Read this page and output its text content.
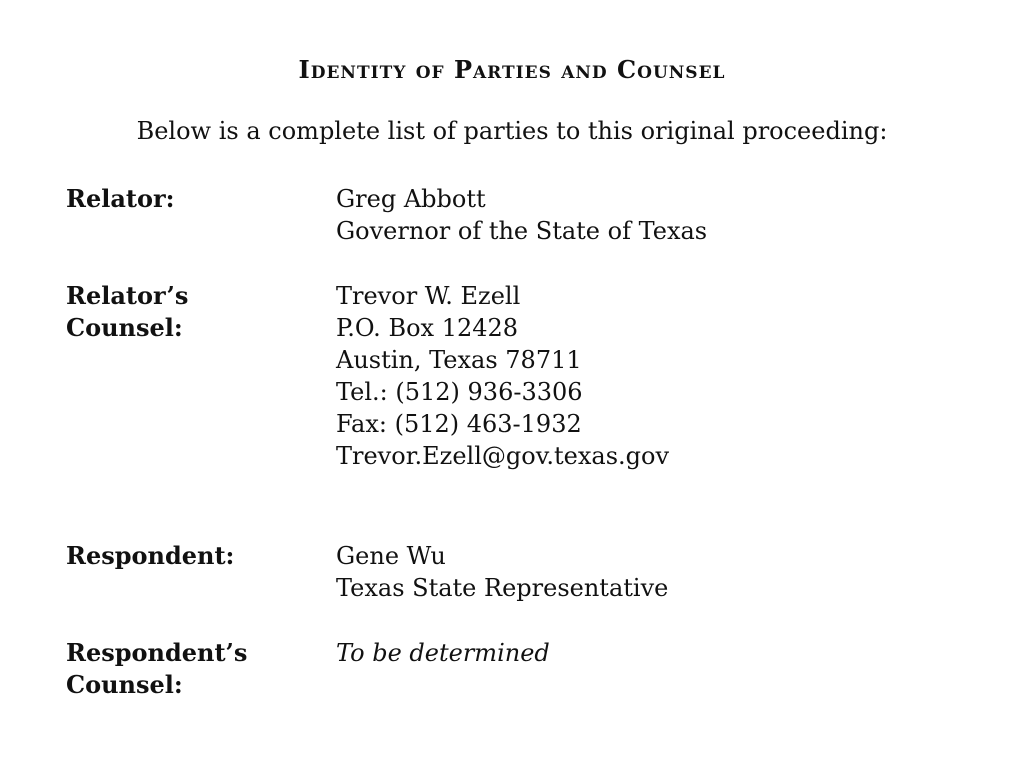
Identity of Parties and Counsel
Below is a complete list of parties to this original proceeding:
Relator:	Greg Abbott
Governor of the State of Texas
Relator’s
Counsel:
Trevor W. Ezell
P.O. Box 12428
Austin, Texas 78711
Tel.: (512) 936-3306
Fax: (512) 463-1932
Trevor.Ezell@gov.texas.gov
Respondent:	Gene Wu
Texas State Representative
Respondent’s
Counsel:
To be determined
